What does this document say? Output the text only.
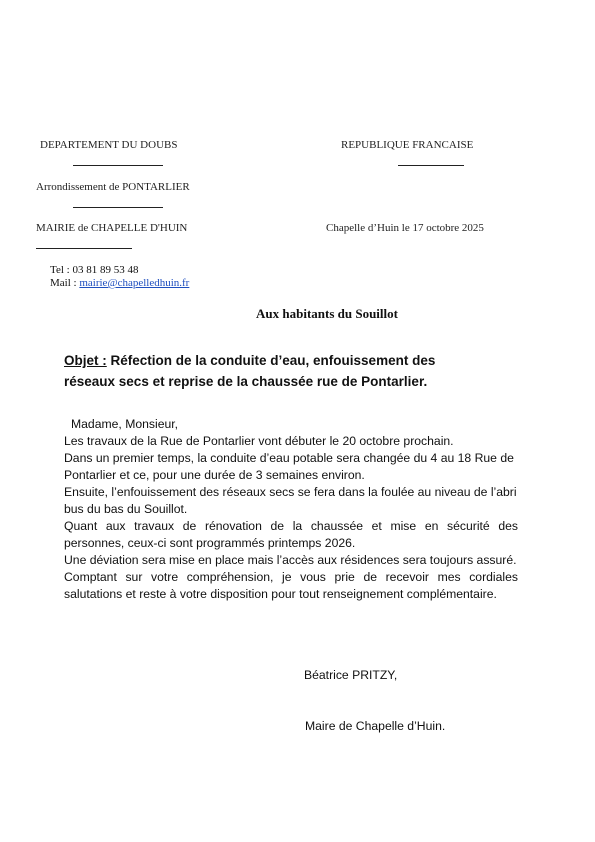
DEPARTEMENT DU DOUBS
Arrondissement de PONTARLIER
MAIRIE de CHAPELLE D'HUIN
REPUBLIQUE FRANCAISE
Chapelle d’Huin le 17 octobre 2025
Tel : 03 81 89 53 48
Mail : mairie@chapelledhuin.fr
Aux habitants du Souillot
Objet : Réfection de la conduite d’eau, enfouissement des réseaux secs et reprise de la chaussée rue de Pontarlier.

Madame, Monsieur,

Les travaux de la Rue de Pontarlier vont débuter le 20 octobre prochain.

Dans un premier temps, la conduite d’eau potable sera changée du 4 au 18 Rue de Pontarlier et ce, pour une durée de 3 semaines environ.

Ensuite, l’enfouissement des réseaux secs se fera dans la foulée au niveau de l’abri bus du bas du Souillot.

Quant aux travaux de rénovation de la chaussée et mise en sécurité des personnes, ceux-ci sont programmés printemps 2026.

Une déviation sera mise en place mais l’accès aux résidences sera toujours assuré.

Comptant sur votre compréhension, je vous prie de recevoir mes cordiales salutations et reste à votre disposition pour tout renseignement complémentaire.

Béatrice PRITZY,
Maire de Chapelle d’Huin.
